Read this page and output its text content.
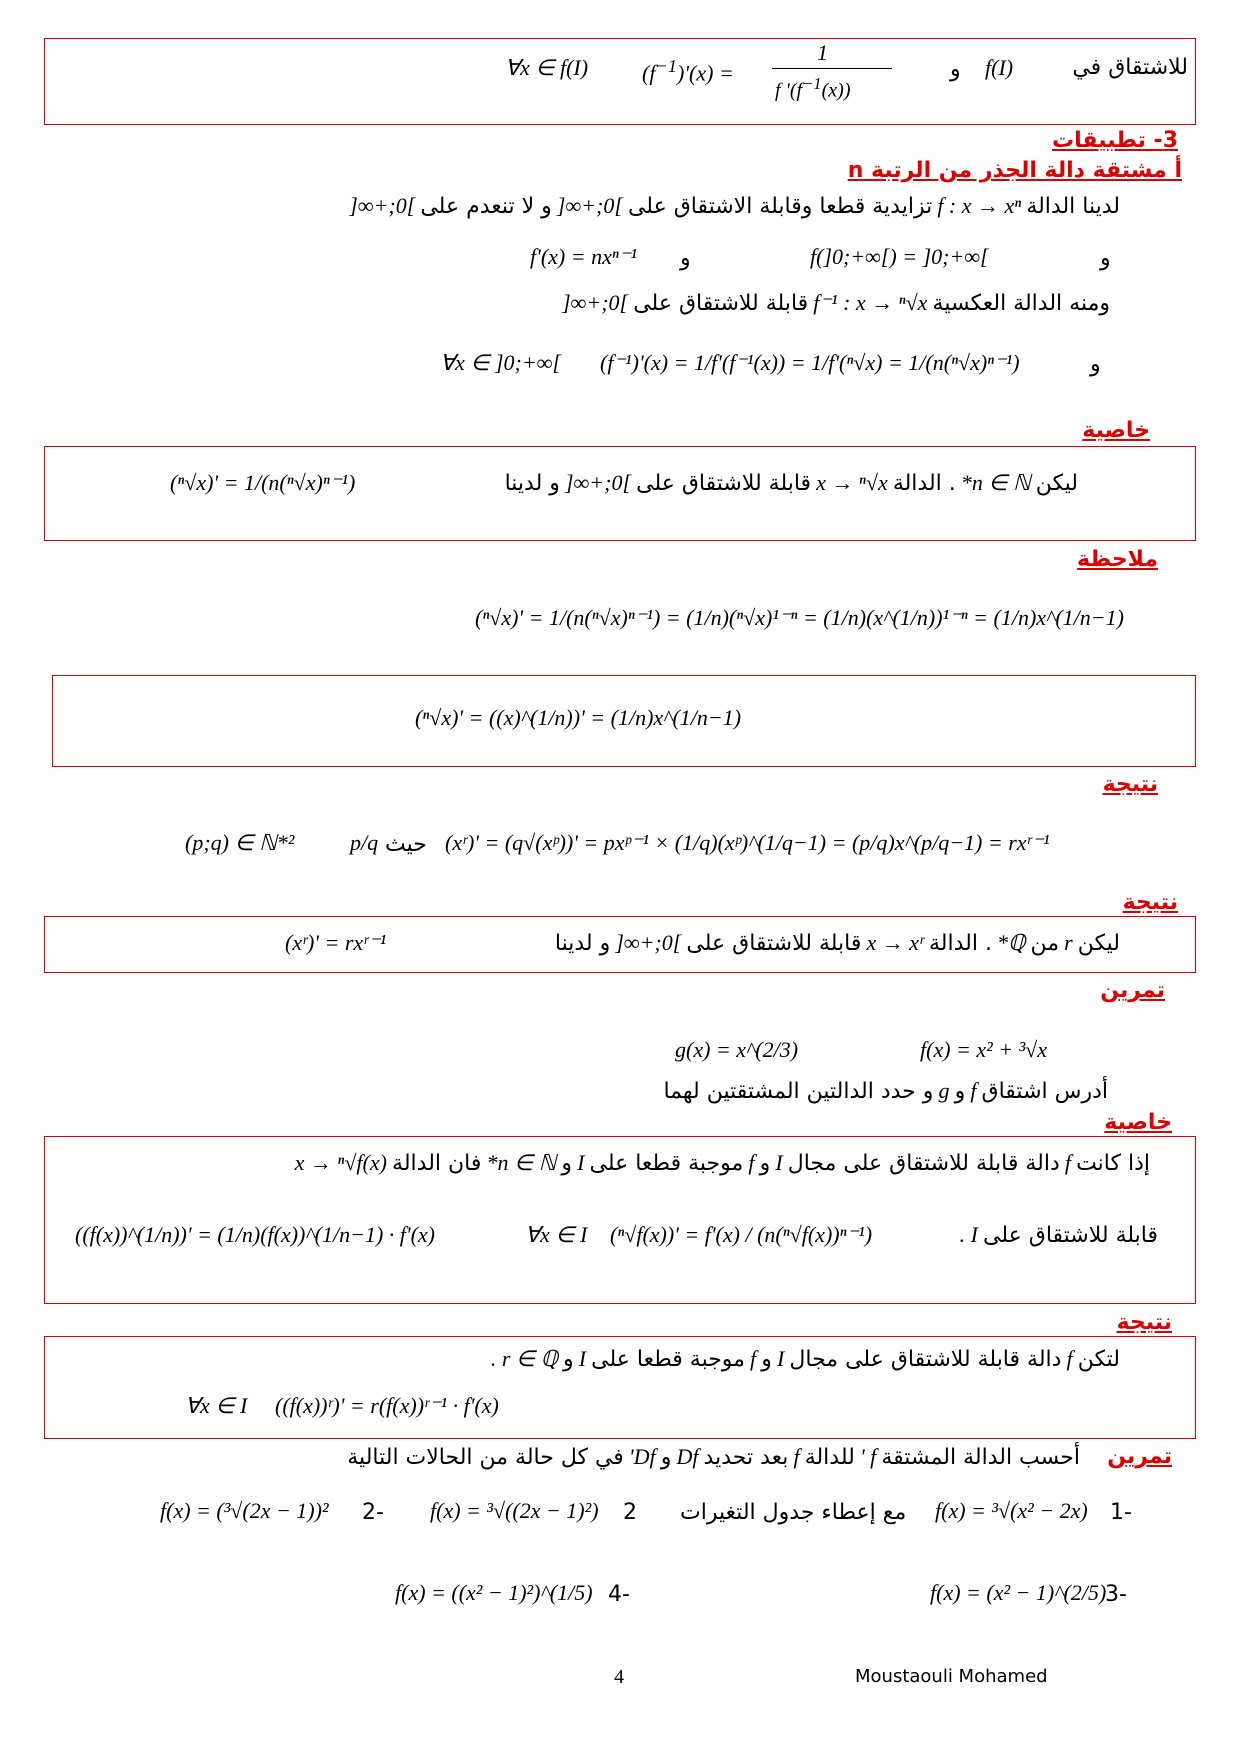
للاشتقاق في
f(I)
و
$(f^{-1})'(x)$ =
1
f '$(f^{-1}(x))$
∀x ∈ f(I)
3- تطبيقات
أ مشتقة دالة الجذر من الرتبة n
لدينا الدالة f : x → xⁿ تزايدية قطعا وقابلة الاشتقاق على ]0;+∞[ و لا تنعدم على ]0;+∞[
و
f(]0;+∞[) = ]0;+∞[
و
f'(x) = nxⁿ⁻¹
ومنه الدالة العكسية f⁻¹ : x → ⁿ√x قابلة للاشتقاق على ]0;+∞[
و
(f⁻¹)'(x) = 1/f'(f⁻¹(x)) = 1/f'(ⁿ√x) = 1/(n(ⁿ√x)ⁿ⁻¹)
∀x ∈ ]0;+∞[
خاصية
ليكن n ∈ ℕ* . الدالة x → ⁿ√x قابلة للاشتقاق على ]0;+∞[ و لدينا
(ⁿ√x)' = 1/(n(ⁿ√x)ⁿ⁻¹)
ملاحظة
(ⁿ√x)' = 1/(n(ⁿ√x)ⁿ⁻¹) = (1/n)(ⁿ√x)¹⁻ⁿ = (1/n)(x^(1/n))¹⁻ⁿ = (1/n)x^(1/n−1)
(ⁿ√x)' = ((x)^(1/n))' = (1/n)x^(1/n−1)
نتيجة
(p;q) ∈ ℕ*²	p/q حيث (xʳ)' = (q√(xᵖ))' = pxᵖ⁻¹ × (1/q)(xᵖ)^(1/q−1) = (p/q)x^(p/q−1) = rxʳ⁻¹
نتيجة
ليكن r من ℚ* . الدالة x → xʳ قابلة للاشتقاق على ]0;+∞[ و لدينا
(xʳ)' = rxʳ⁻¹
تمرين
f(x) = x² + ³√x
g(x) = x^(2/3)
أدرس اشتقاق f و g و حدد الدالتين المشتقتين لهما
خاصية
إذا كانت f دالة قابلة للاشتقاق على مجال I و f موجبة قطعا على I و n ∈ ℕ* فان الدالة x → ⁿ√f(x)
قابلة للاشتقاق على I .
(ⁿ√f(x))' = f'(x) / (n(ⁿ√f(x))ⁿ⁻¹)
∀x ∈ I
((f(x))^(1/n))' = (1/n)(f(x))^(1/n−1) · f'(x)
نتيجة
لتكن f دالة قابلة للاشتقاق على مجال I و f موجبة قطعا على I و r ∈ ℚ .
∀x ∈ I ((f(x))ʳ)' = r(f(x))ʳ⁻¹ · f'(x)
تمرين
أحسب الدالة المشتقة f ' للدالة f بعد تحديد Df و Df' في كل حالة من الحالات التالية
-1
f(x) = ³√(x² − 2x)
مع إعطاء جدول التغيرات
2
f(x) = ³√((2x − 1)²)
-2
f(x) = (³√(2x − 1))²
-3
f(x) = (x² − 1)^(2/5)
-4
f(x) = ((x² − 1)²)^(1/5)
4	Moustaouli Mohamed
